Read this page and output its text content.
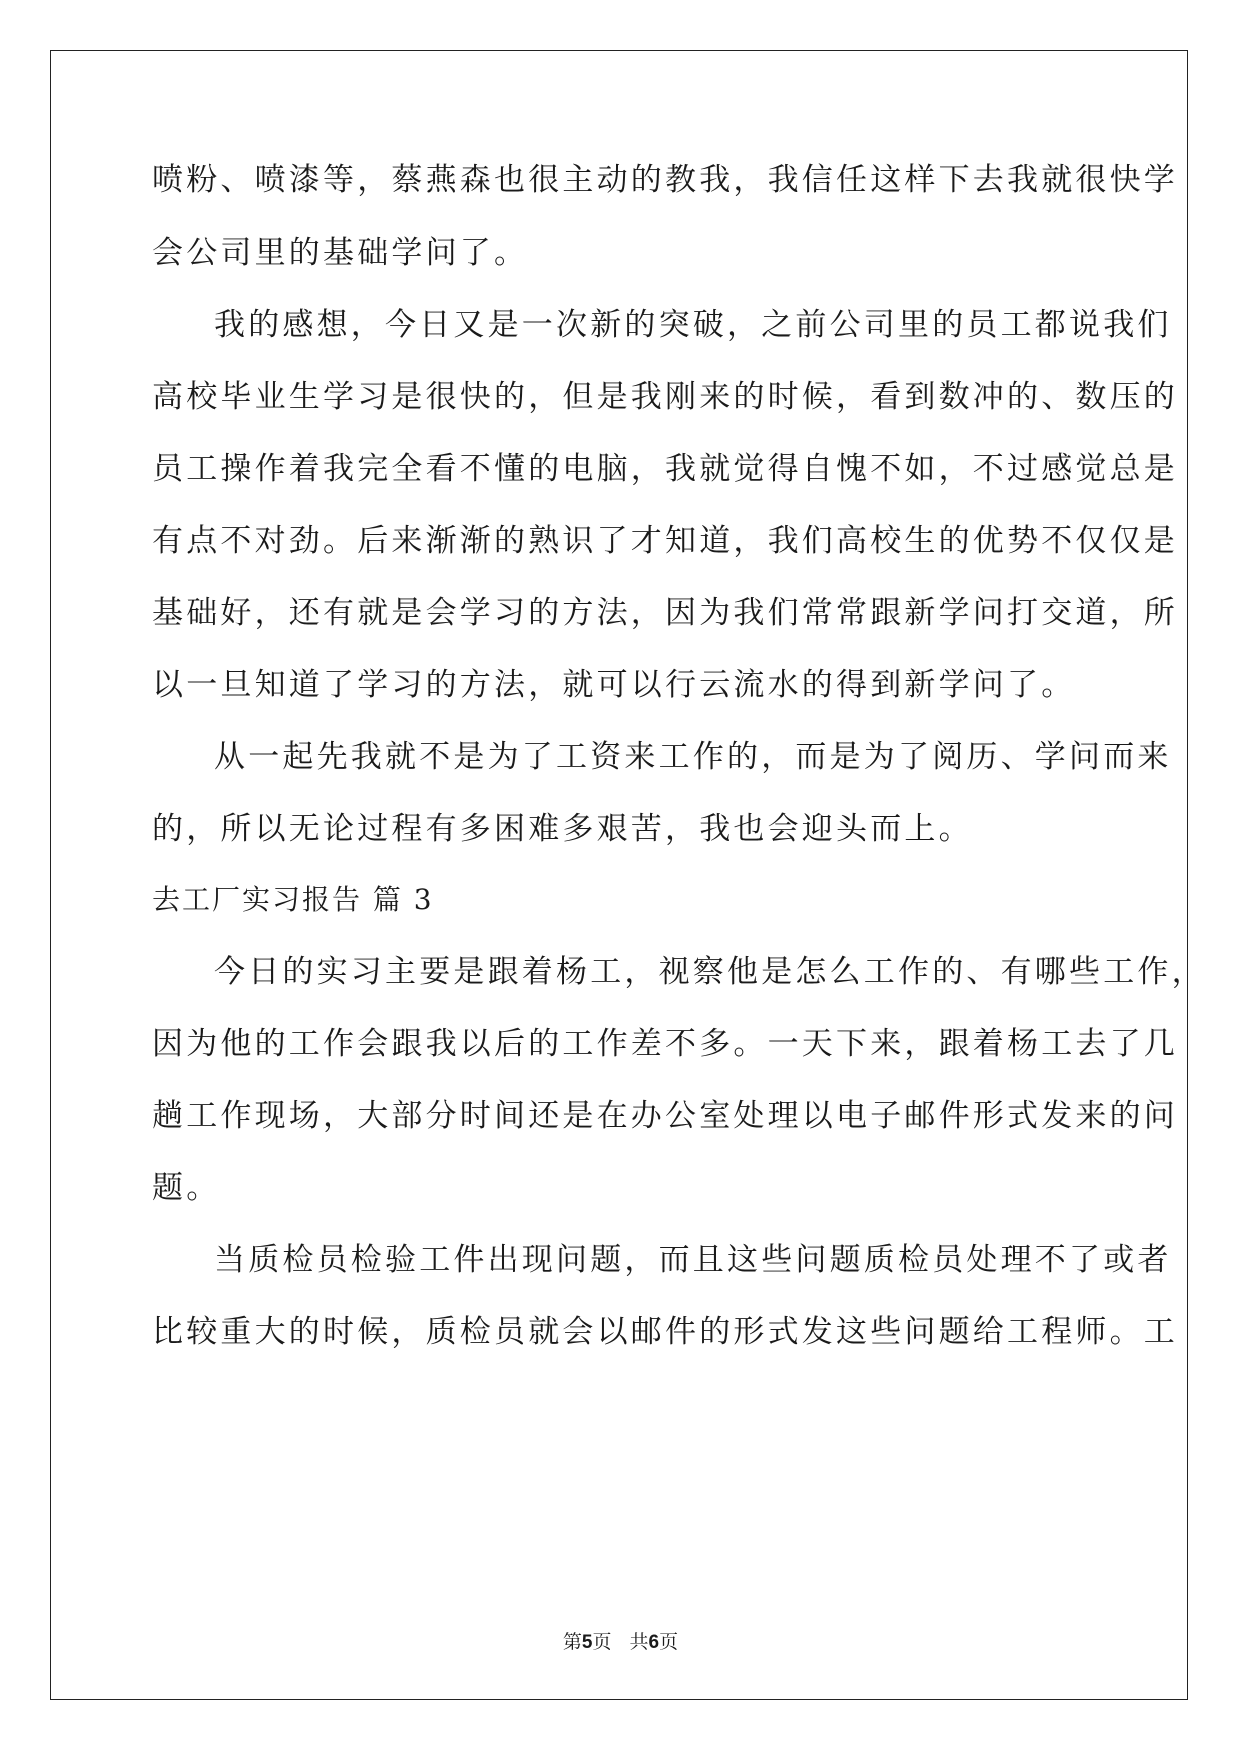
喷粉、喷漆等，蔡燕森也很主动的教我，我信任这样下去我就很快学
会公司里的基础学问了。
我的感想，今日又是一次新的突破，之前公司里的员工都说我们
高校毕业生学习是很快的，但是我刚来的时候，看到数冲的、数压的
员工操作着我完全看不懂的电脑，我就觉得自愧不如，不过感觉总是
有点不对劲。后来渐渐的熟识了才知道，我们高校生的优势不仅仅是
基础好，还有就是会学习的方法，因为我们常常跟新学问打交道，所
以一旦知道了学习的方法，就可以行云流水的得到新学问了。
从一起先我就不是为了工资来工作的，而是为了阅历、学问而来
的，所以无论过程有多困难多艰苦，我也会迎头而上。
去工厂实习报告 篇 3
今日的实习主要是跟着杨工，视察他是怎么工作的、有哪些工作，
因为他的工作会跟我以后的工作差不多。一天下来，跟着杨工去了几
趟工作现场，大部分时间还是在办公室处理以电子邮件形式发来的问
题。
当质检员检验工件出现问题，而且这些问题质检员处理不了或者
比较重大的时候，质检员就会以邮件的形式发这些问题给工程师。工
第5页 共6页
